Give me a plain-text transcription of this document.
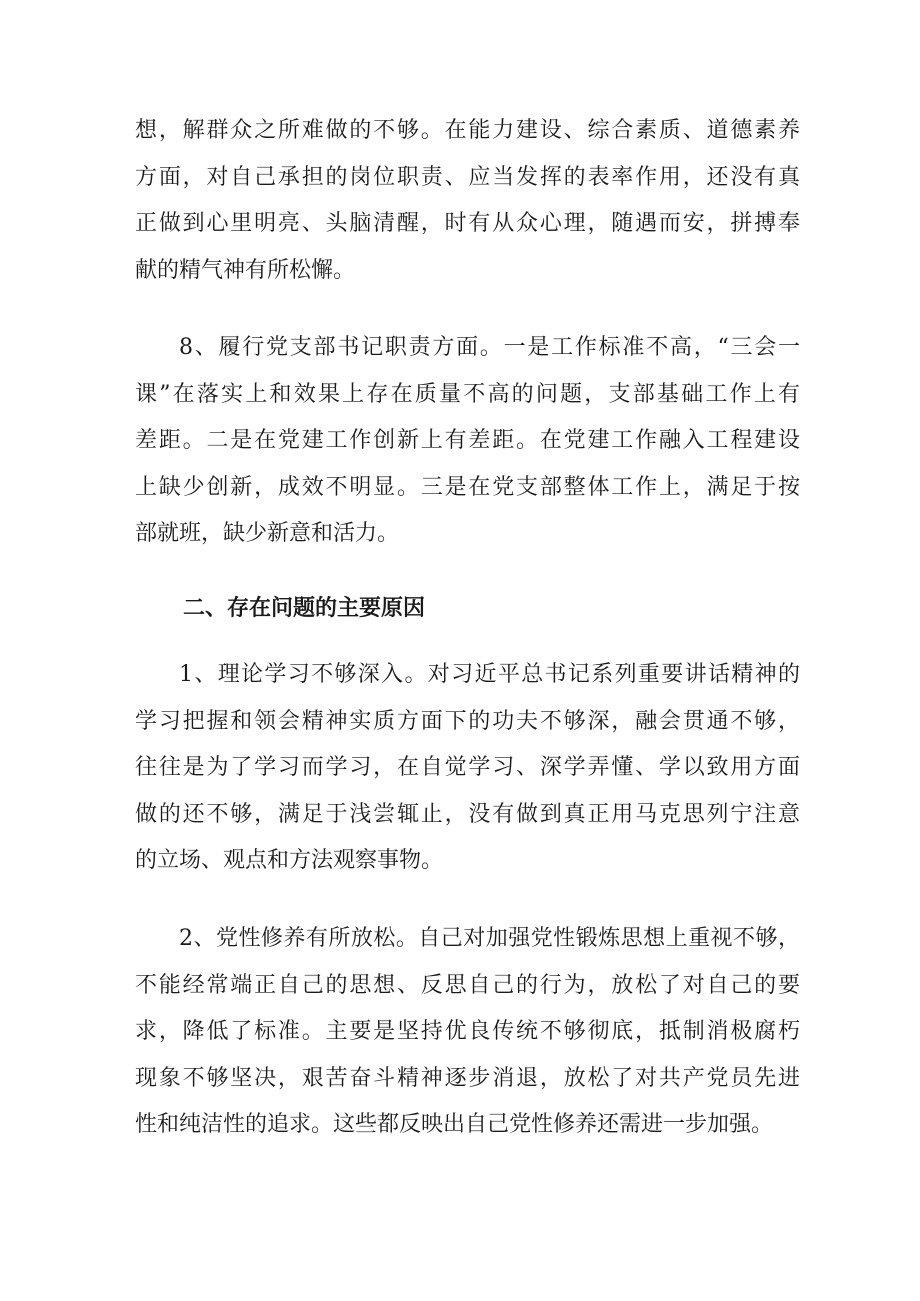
想，解群众之所难做的不够。在能力建设、综合素质、道德素养
方面，对自己承担的岗位职责、应当发挥的表率作用，还没有真
正做到心里明亮、头脑清醒，时有从众心理，随遇而安，拼搏奉
献的精气神有所松懈。
8、履行党支部书记职责方面。一是工作标准不高，“三会一
课”在落实上和效果上存在质量不高的问题，支部基础工作上有
差距。二是在党建工作创新上有差距。在党建工作融入工程建设
上缺少创新，成效不明显。三是在党支部整体工作上，满足于按
部就班，缺少新意和活力。
二、存在问题的主要原因
1、理论学习不够深入。对习近平总书记系列重要讲话精神的
学习把握和领会精神实质方面下的功夫不够深，融会贯通不够，
往往是为了学习而学习，在自觉学习、深学弄懂、学以致用方面
做的还不够，满足于浅尝辄止，没有做到真正用马克思列宁注意
的立场、观点和方法观察事物。
2、党性修养有所放松。自己对加强党性锻炼思想上重视不够，
不能经常端正自己的思想、反思自己的行为，放松了对自己的要
求，降低了标准。主要是坚持优良传统不够彻底，抵制消极腐朽
现象不够坚决，艰苦奋斗精神逐步消退，放松了对共产党员先进
性和纯洁性的追求。这些都反映出自己党性修养还需进一步加强。
